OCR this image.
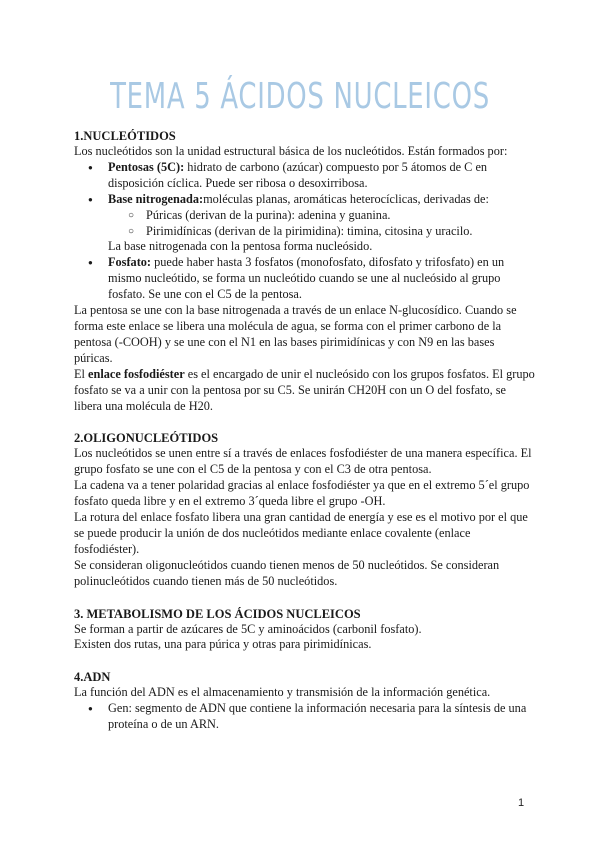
TEMA 5 ÁCIDOS NUCLEICOS
1.NUCLEÓTIDOS

Los nucleótidos son la unidad estructural básica de los nucleótidos. Están formados por:

● Pentosas (5C): hidrato de carbono (azúcar) compuesto por 5 átomos de C en disposición cíclica. Puede ser ribosa o desoxirribosa.
● Base nitrogenada:moléculas planas, aromáticas heterocíclicas, derivadas de:
○ Púricas (derivan de la purina): adenina y guanina.
○ Pirimidínicas (derivan de la pirimidina): timina, citosina y uracilo.

La base nitrogenada con la pentosa forma nucleósido.

● Fosfato: puede haber hasta 3 fosfatos (monofosfato, difosfato y trifosfato) en un mismo nucleótido, se forma un nucleótido cuando se une al nucleósido al grupo fosfato. Se une con el C5 de la pentosa.

La pentosa se une con la base nitrogenada a través de un enlace N-glucosídico. Cuando se forma este enlace se libera una molécula de agua, se forma con el primer carbono de la pentosa (-COOH) y se une con el N1 en las bases pirimidínicas y con N9 en las bases púricas.

El enlace fosfodiéster es el encargado de unir el nucleósido con los grupos fosfatos. El grupo fosfato se va a unir con la pentosa por su C5. Se unirán CH20H con un O del fosfato, se libera una molécula de H20.

2.OLIGONUCLEÓTIDOS

Los nucleótidos se unen entre sí a través de enlaces fosfodiéster de una manera específica. El grupo fosfato se une con el C5 de la pentosa y con el C3 de otra pentosa.

La cadena va a tener polaridad gracias al enlace fosfodiéster ya que en el extremo 5´el grupo fosfato queda libre y en el extremo 3´queda libre el grupo -OH.

La rotura del enlace fosfato libera una gran cantidad de energía y ese es el motivo por el que se puede producir la unión de dos nucleótidos mediante enlace covalente (enlace fosfodiéster).

Se consideran oligonucleótidos cuando tienen menos de 50 nucleótidos. Se consideran polinucleótidos cuando tienen más de 50 nucleótidos.

3. METABOLISMO DE LOS ÁCIDOS NUCLEICOS

Se forman a partir de azúcares de 5C y aminoácidos (carbonil fosfato).

Existen dos rutas, una para púrica y otras para pirimidínicas.

4.ADN

La función del ADN es el almacenamiento y transmisión de la información genética.

● Gen: segmento de ADN que contiene la información necesaria para la síntesis de una proteína o de un ARN.
1
